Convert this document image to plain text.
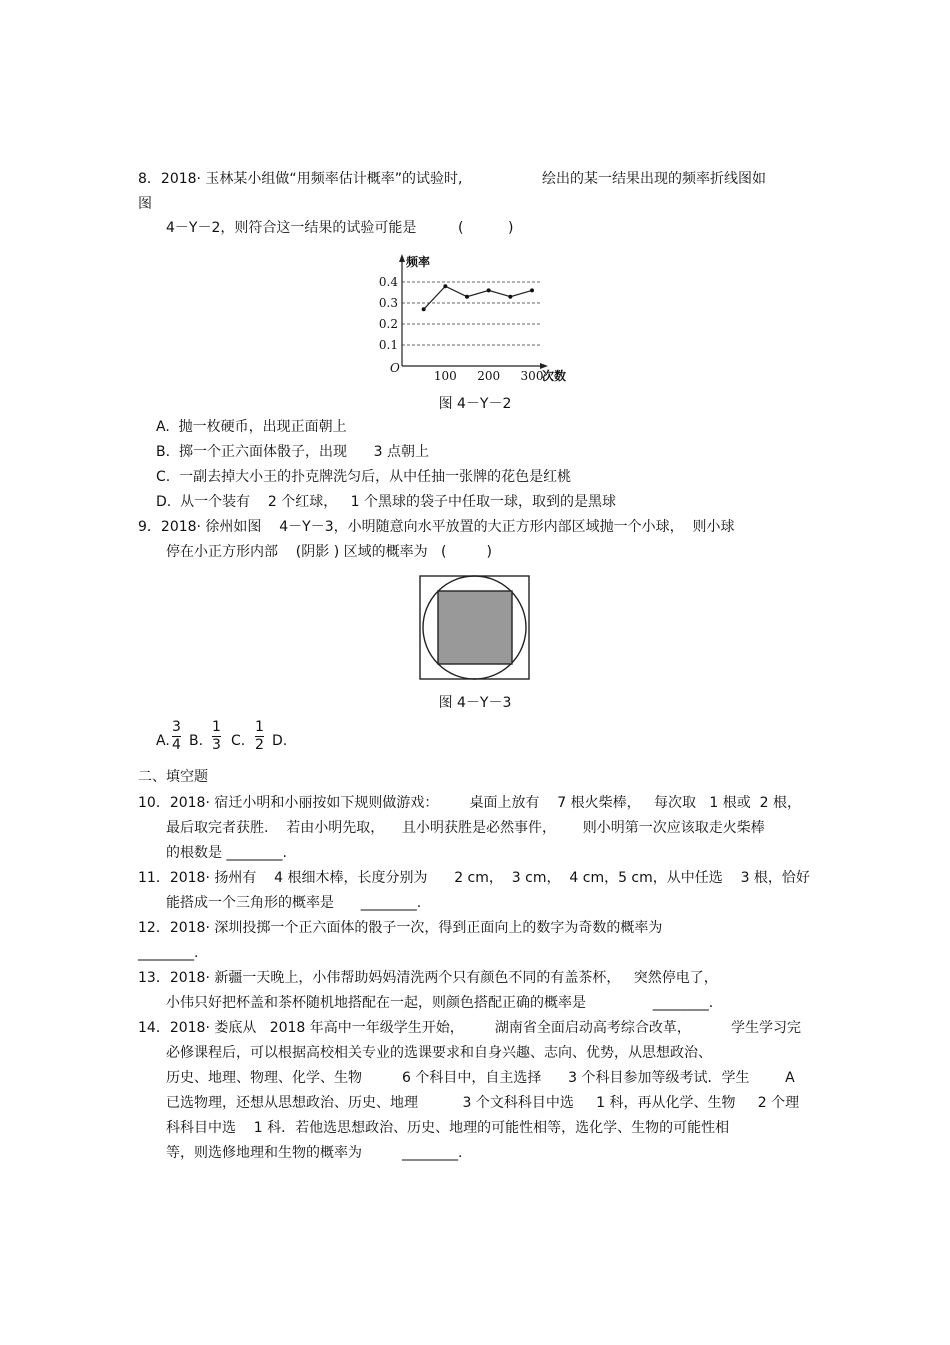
8．2018· 玉林某小组做“用频率估计概率”的试验时,	绘出的某一结果出现的频率折线图如
图
4－Y－2，则符合这一结果的试验可能是	(          )
0.4
0.3
0.2
0.1
100 200 300
O
频率
次数
图 4－Y－2
A.  抛一枚硬币，出现正面朝上
B.  掷一个正六面体骰子，出现      3 点朝上
C.  一副去掉大小王的扑克牌洗匀后，从中任抽一张牌的花色是红桃
D.  从一个装有    2 个红球，   1 个黑球的袋子中任取一球，取到的是黑球
9．2018· 徐州如图    4－Y－3，小明随意向水平放置的大正方形内部区域抛一个小球，  则小球
停在小正方形内部    (阴影 ) 区域的概率为   (         )
图 4－Y－3
A.
3
4 B.
1
3 C.
1
2 D.
二、填空题
10．2018· 宿迁小明和小丽按如下规则做游戏：       桌面上放有    7 根火柴棒，   每次取   1 根或  2 根，
最后取完者获胜.    若由小明先取，    且小明获胜是必然事件，      则小明第一次应该取走火柴棒
的根数是 ________.
11．2018· 扬州有    4 根细木棒，长度分别为      2 cm，  3 cm，  4 cm，5 cm，从中任选    3 根，恰好
能搭成一个三角形的概率是      ________.
12．2018· 深圳投掷一个正六面体的骰子一次，得到正面向上的数字为奇数的概率为
________.
13．2018· 新疆一天晚上，小伟帮助妈妈清洗两个只有颜色不同的有盖茶杯，   突然停电了，
小伟只好把杯盖和茶杯随机地搭配在一起，则颜色搭配正确的概率是               ________.
14．2018· 娄底从   2018 年高中一年级学生开始，       湖南省全面启动高考综合改革，         学生学习完
必修课程后，可以根据高校相关专业的选课要求和自身兴趣、志向、优势，从思想政治、
历史、地理、物理、化学、生物         6 个科目中，自主选择      3 个科目参加等级考试．学生        A
已选物理，还想从思想政治、历史、地理          3 个文科科目中选     1 科，再从化学、生物     2 个理
科科目中选    1 科．若他选思想政治、历史、地理的可能性相等，选化学、生物的可能性相
等，则选修地理和生物的概率为         ________.
